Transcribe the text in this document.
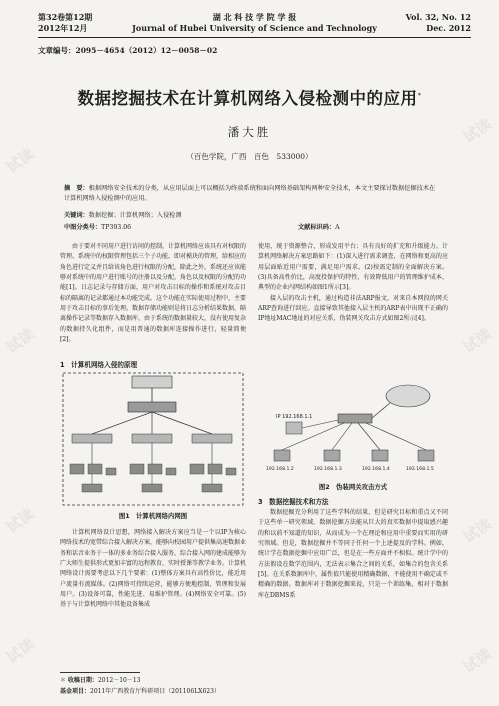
试读
试读	试读
试读	试读
试读	试读
试读
第32卷第12期
2012年12月
湖 北 科 技 学 院 学 报
Journal of Hubei University of Science and Technology
Vol. 32, No. 12
Dec. 2012
文章编号：2095－4654（2012）12－0058－02
数据挖掘技术在计算机网络入侵检测中的应用*
潘大胜
（百色学院，广西　百色　533000）
摘　要：根据网络安全技术的分类，从应用层面上可以概括为终端系统和面向网络基础架构两种安全技术，本文主要探讨数据挖掘技术在计算机网络入侵检测中的应用。
关键词：数据挖掘；计算机网络；入侵检测
中图分类号：TP393.06	文献标识码：A

由于要对不同用户进行访问的控制，计算机网络应该具有对权限的管理。系统中的权限管理包括三个子功能，即对模块的管理，给相应的角色进行定义并且给该角色进行权限的分配，除此之外，系统还应该能够对系统中的用户进行账号的注册以及分配，角色以及权限的分配的功能[1]。日志记录与存储方面，用户对攻击目标的操作和系统对攻击目标的隔离的记录都通过本功能完成。这个功能在实际使用过程中，主要用于攻击目标的事后处理。数据存储功能则是将日志分析结果数据，隔离操作记录等数据存入数据库，由于系统的数据量较大，没有使用复杂的数据持久化组件，而是用普通的数据库连接操作进行，轻量简便[2]。

1　计算机网络入侵的原理
图1　计算机网络内网图

计算机网络设计思想，网络接入解决方案应当是一个以IP为核心网络技术的宽带综合接入解决方案，能够向校园用户提供集高速数据业务和话音业务于一体的多业务综合接入服务，综合接入网的建成能够为广大师生提供形式更加丰富的远程教育，实时授课等教学业务。计算机网络设计需要考虑以下几个要素：(1)整体方案具有高性价比，能近用户流量有流媒体。(2)网络可持续运营，能够方便地控制、管理和发展用户。(3)设备可靠，性能先进、易维护管理。(4)网络安全可靠。(5)基于与计算机网络中其他设备集成

使用，统于资源整合，形成发用平台；具有良好的扩充和升级能力。计算机网络解决方案思路如下：(1)深入进行需求调查，在网络和更高的应用层面贴近用户需要，满足用户需求。(2)按需定制的全面解决方案。(3)具备高性价比，高度投保护的特性，有效降低用户的管理维护成本，典型的企业内网结构如图1所示[3]。

接入层的攻击主机，通过构造非法ARP报文，对来自本网段的网关ARP查询进行回应。直接导致其他接入层主机的ARP表中出现不正确的IP地址MAC地址的对应关系，伪装网关攻击方式如图2所示[4]。

IP 192.168.1.1
192.168.1.2	192.168.1.3	192.168.1.4	192.168.1.5
图2　伪装网关攻击方式
3　数据挖掘技术和方法

数据挖掘充分利用了这些学科的结果，但是研究目标和重点又不同于这些单一研究领域。数据挖掘方法能从巨大的真实数据中提取感兴趣的和以前不知道的知识，从而成为一个在理论和应用中重要而实用的研究领域。但是，数据挖掘并不等同于任何一个上述提及的学科。例如，统计学在数据挖掘中应用广泛，但是在一些方面并不相似。统计学中的方法假设在数学范围内，无法表示集合之间的关系，如集合的包含关系[5]。在关系数据库中，属性值只能使用精确数据，不能使用不确定或不精确的数据。数据库对于数据挖掘来说，只是一个训练集，相对于数据库在DBMS系

＊ 收稿日期：2012－10－13
基金项目：2011年广西教育厅科研项目（201106LX623）
